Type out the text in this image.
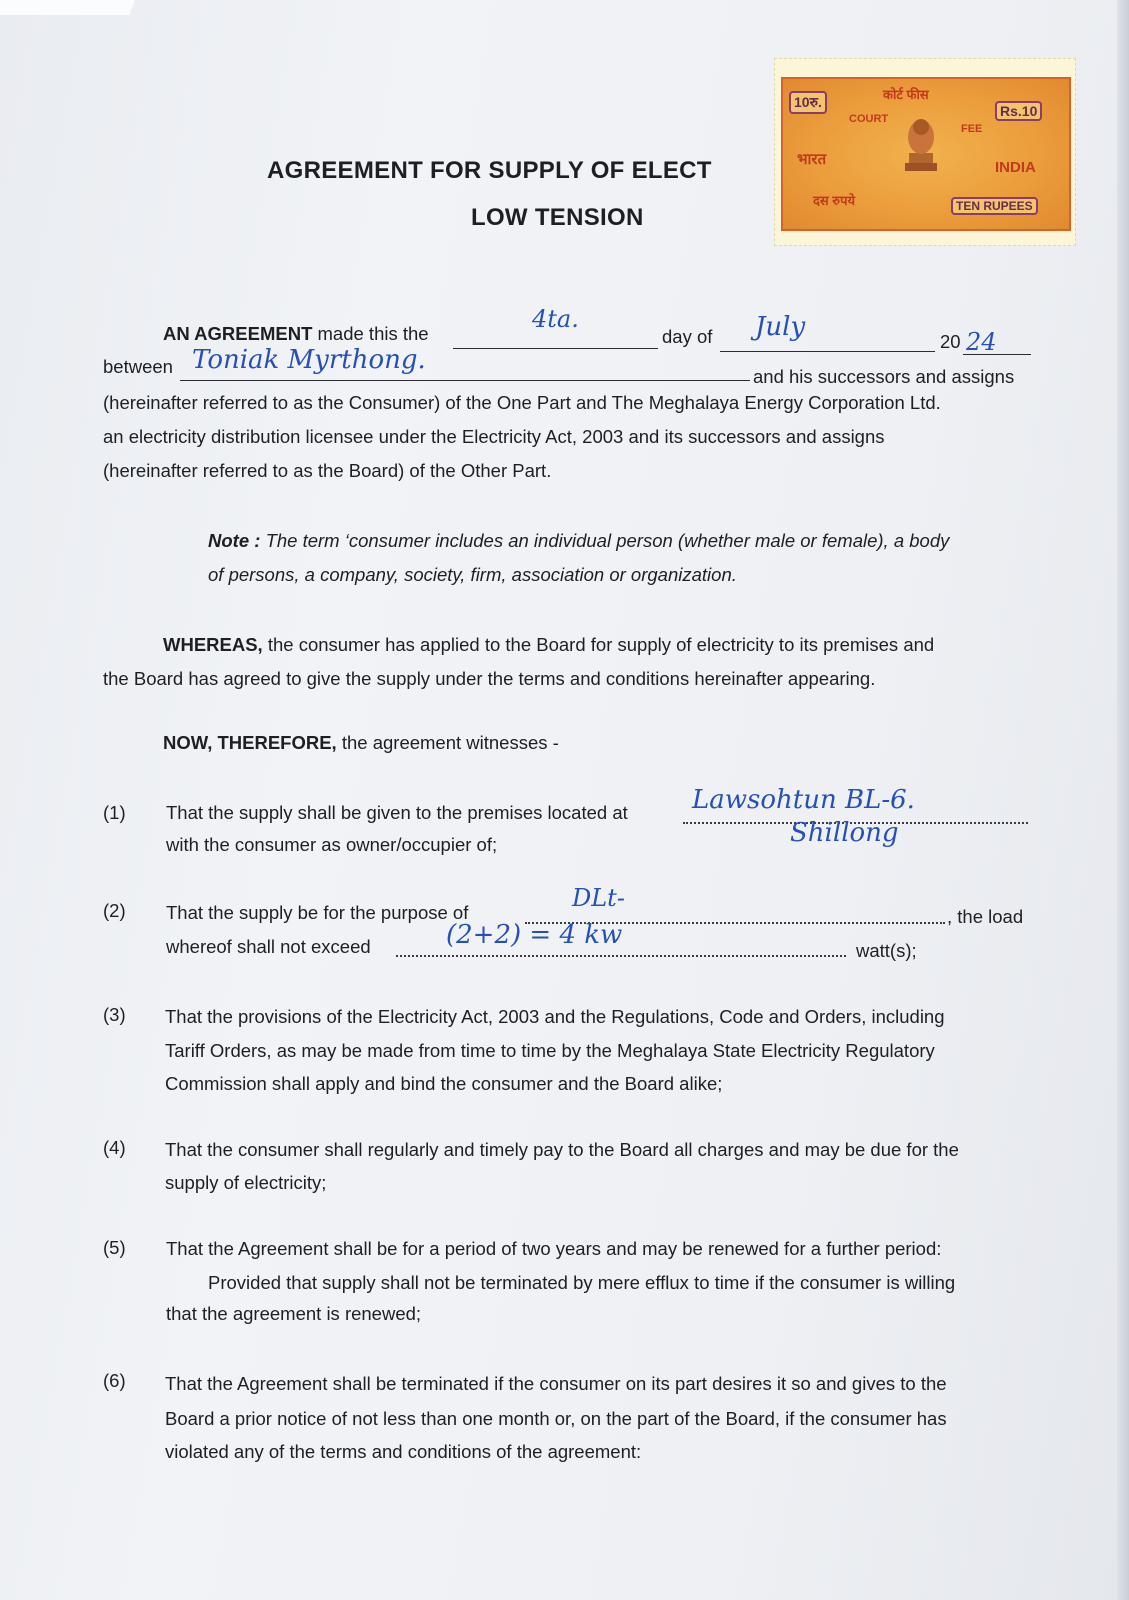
10रु.	कोर्ट फीस
Rs.10
COURT
FEE
भारत	INDIA
दस रुपये	TEN RUPEES
AGREEMENT FOR SUPPLY OF ELECT
LOW TENSION
AN AGREEMENT made this the
4ta.
day of July	20 24
between Toniak Myrthong.
and his successors and assigns
(hereinafter referred to as the Consumer) of the One Part and The Meghalaya Energy Corporation Ltd.
an electricity distribution licensee under the Electricity Act, 2003 and its successors and assigns
(hereinafter referred to as the Board) of the Other Part.
Note : The term ‘consumer includes an individual person (whether male or female), a body
of persons, a company, society, firm, association or organization.
WHEREAS, the consumer has applied to the Board for supply of electricity to its premises and
the Board has agreed to give the supply under the terms and conditions hereinafter appearing.
NOW, THEREFORE, the agreement witnesses -
(1) That the supply shall be given to the premises located at Lawsohtun BL-6.
with the consumer as owner/occupier of;	Shillong
(2) That the supply be for the purpose of
DLt-
, the load
whereof shall not exceed	(2+2) = 4 kw
watt(s);
(3) That the provisions of the Electricity Act, 2003 and the Regulations, Code and Orders, including
Tariff Orders, as may be made from time to time by the Meghalaya State Electricity Regulatory
Commission shall apply and bind the consumer and the Board alike;
(4) That the consumer shall regularly and timely pay to the Board all charges and may be due for the
supply of electricity;
(5) That the Agreement shall be for a period of two years and may be renewed for a further period:
Provided that supply shall not be terminated by mere efflux to time if the consumer is willing
that the agreement is renewed;
(6) That the Agreement shall be terminated if the consumer on its part desires it so and gives to the
Board a prior notice of not less than one month or, on the part of the Board, if the consumer has
violated any of the terms and conditions of the agreement:
